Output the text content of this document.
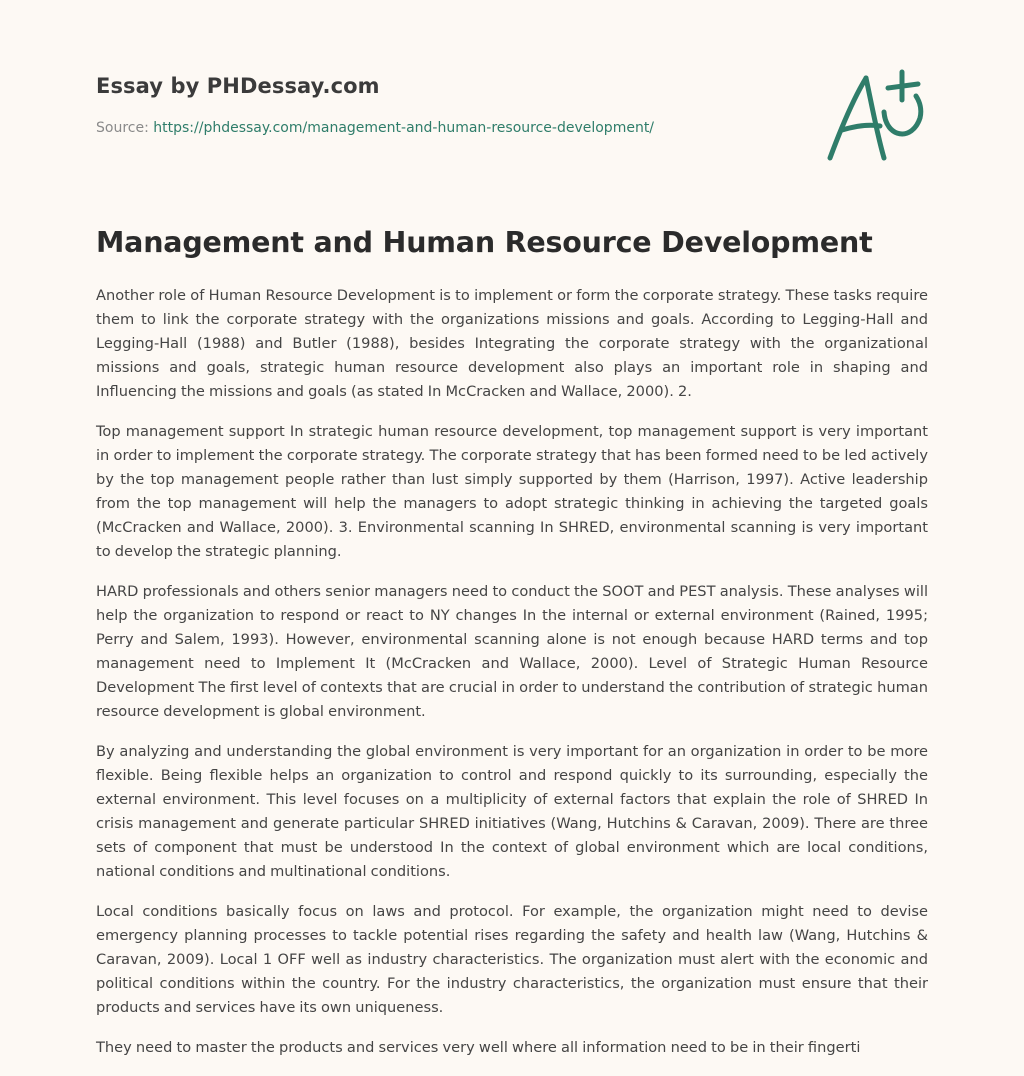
Essay by PHDessay.com
Source: https://phdessay.com/management-and-human-resource-development/
Management and Human Resource Development

Another role of Human Resource Development is to implement or form the corporate strategy. These tasks require them to link the corporate strategy with the organizations missions and goals. According to Legging-Hall and Legging-Hall (1988) and Butler (1988), besides Integrating the corporate strategy with the organizational missions and goals, strategic human resource development also plays an important role in shaping and Influencing the missions and goals (as stated In McCracken and Wallace, 2000). 2.

Top management support In strategic human resource development, top management support is very important in order to implement the corporate strategy. The corporate strategy that has been formed need to be led actively by the top management people rather than lust simply supported by them (Harrison, 1997). Active leadership from the top management will help the managers to adopt strategic thinking in achieving the targeted goals (McCracken and Wallace, 2000). 3. Environmental scanning In SHRED, environmental scanning is very important to develop the strategic planning.

HARD professionals and others senior managers need to conduct the SOOT and PEST analysis. These analyses will help the organization to respond or react to NY changes In the internal or external environment (Rained, 1995; Perry and Salem, 1993). However, environmental scanning alone is not enough because HARD terms and top management need to Implement It (McCracken and Wallace, 2000). Level of Strategic Human Resource Development The first level of contexts that are crucial in order to understand the contribution of strategic human resource development is global environment.

By analyzing and understanding the global environment is very important for an organization in order to be more flexible. Being flexible helps an organization to control and respond quickly to its surrounding, especially the external environment. This level focuses on a multiplicity of external factors that explain the role of SHRED In crisis management and generate particular SHRED initiatives (Wang, Hutchins & Caravan, 2009). There are three sets of component that must be understood In the context of global environment which are local conditions, national conditions and multinational conditions.

Local conditions basically focus on laws and protocol. For example, the organization might need to devise emergency planning processes to tackle potential rises regarding the safety and health law (Wang, Hutchins & Caravan, 2009). Local 1 OFF well as industry characteristics. The organization must alert with the economic and political conditions within the country. For the industry characteristics, the organization must ensure that their products and services have its own uniqueness.

They need to master the products and services very well where all information need to be in their fingerti
